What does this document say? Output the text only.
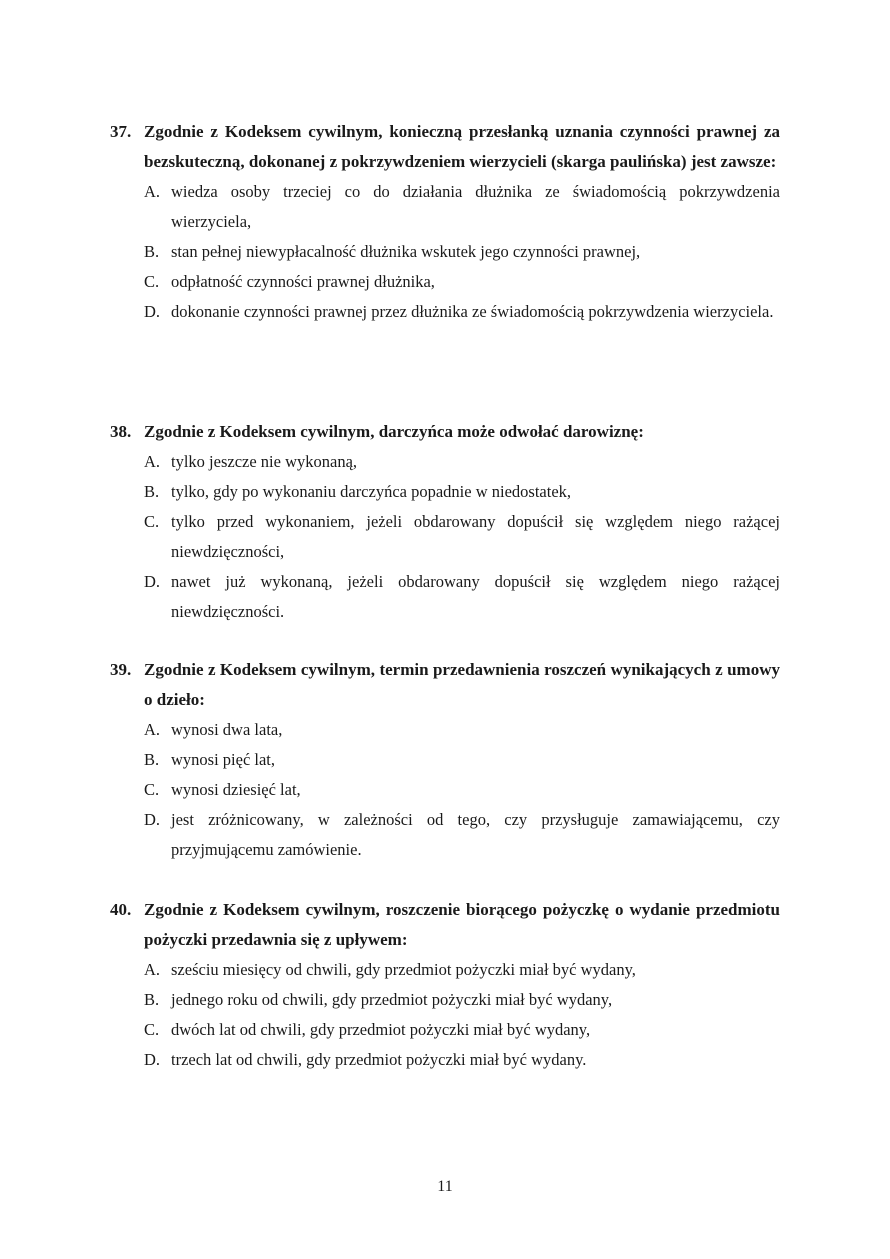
37. Zgodnie z Kodeksem cywilnym, konieczną przesłanką uznania czynności prawnej za bezskuteczną, dokonanej z pokrzywdzeniem wierzycieli (skarga paulińska) jest zawsze:
A. wiedza osoby trzeciej co do działania dłużnika ze świadomością pokrzywdzenia wierzyciela,
B. stan pełnej niewypłacalność dłużnika wskutek jego czynności prawnej,
C. odpłatność czynności prawnej dłużnika,
D. dokonanie czynności prawnej przez dłużnika ze świadomością pokrzywdzenia wierzyciela.
38. Zgodnie z Kodeksem cywilnym, darczyńca może odwołać darowiznę:
A. tylko jeszcze nie wykonaną,
B. tylko, gdy po wykonaniu darczyńca popadnie w niedostatek,
C. tylko przed wykonaniem, jeżeli obdarowany dopuścił się względem niego rażącej niewdzięczności,
D. nawet już wykonaną, jeżeli obdarowany dopuścił się względem niego rażącej niewdzięczności.
39. Zgodnie z Kodeksem cywilnym, termin przedawnienia roszczeń wynikających z umowy o dzieło:
A. wynosi dwa lata,
B. wynosi pięć lat,
C. wynosi dziesięć lat,
D. jest zróżnicowany, w zależności od tego, czy przysługuje zamawiającemu, czy przyjmującemu zamówienie.
40. Zgodnie z Kodeksem cywilnym, roszczenie biorącego pożyczkę o wydanie przedmiotu pożyczki przedawnia się z upływem:
A. sześciu miesięcy od chwili, gdy przedmiot pożyczki miał być wydany,
B. jednego roku od chwili, gdy przedmiot pożyczki miał być wydany,
C. dwóch lat od chwili, gdy przedmiot pożyczki miał być wydany,
D. trzech lat od chwili, gdy przedmiot pożyczki miał być wydany.
11
